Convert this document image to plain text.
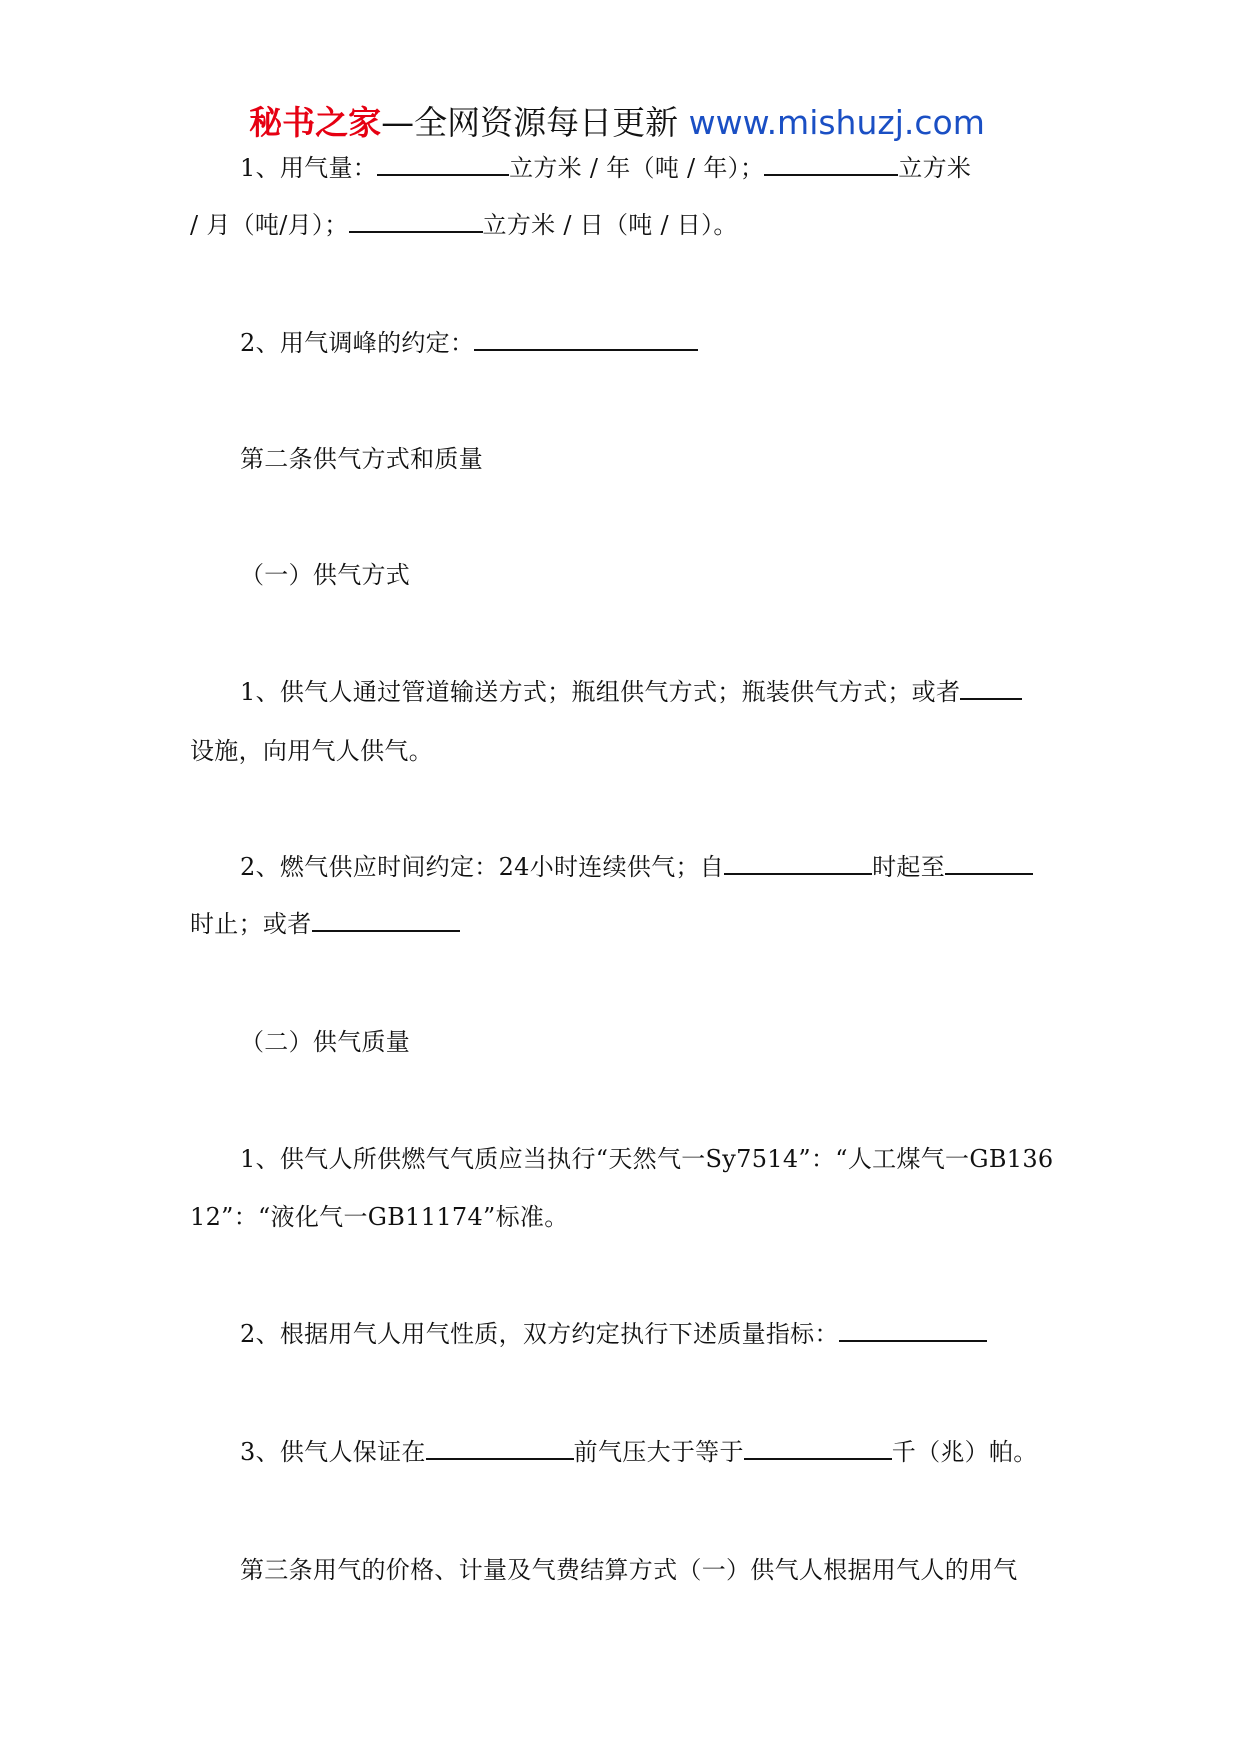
秘书之家—全网资源每日更新 www.mishuzj.com
1、用气量：	立方米 / 年（吨 / 年）；	立方米
/ 月（吨/月）；	立方米 / 日（吨 / 日）。
2、用气调峰的约定：
第二条供气方式和质量
（一）供气方式
1、供气人通过管道输送方式；瓶组供气方式；瓶装供气方式；或者
设施，向用气人供气。
2、燃气供应时间约定：24小时连续供气；自	时起至
时止；或者
（二）供气质量
1、供气人所供燃气气质应当执行“天然气一Sy7514”：“人工煤气一GB136
12”：“液化气一GB11174”标准。
2、根据用气人用气性质，双方约定执行下述质量指标：
3、供气人保证在	前气压大于等于	千（兆）帕。
第三条用气的价格、计量及气费结算方式（一）供气人根据用气人的用气
